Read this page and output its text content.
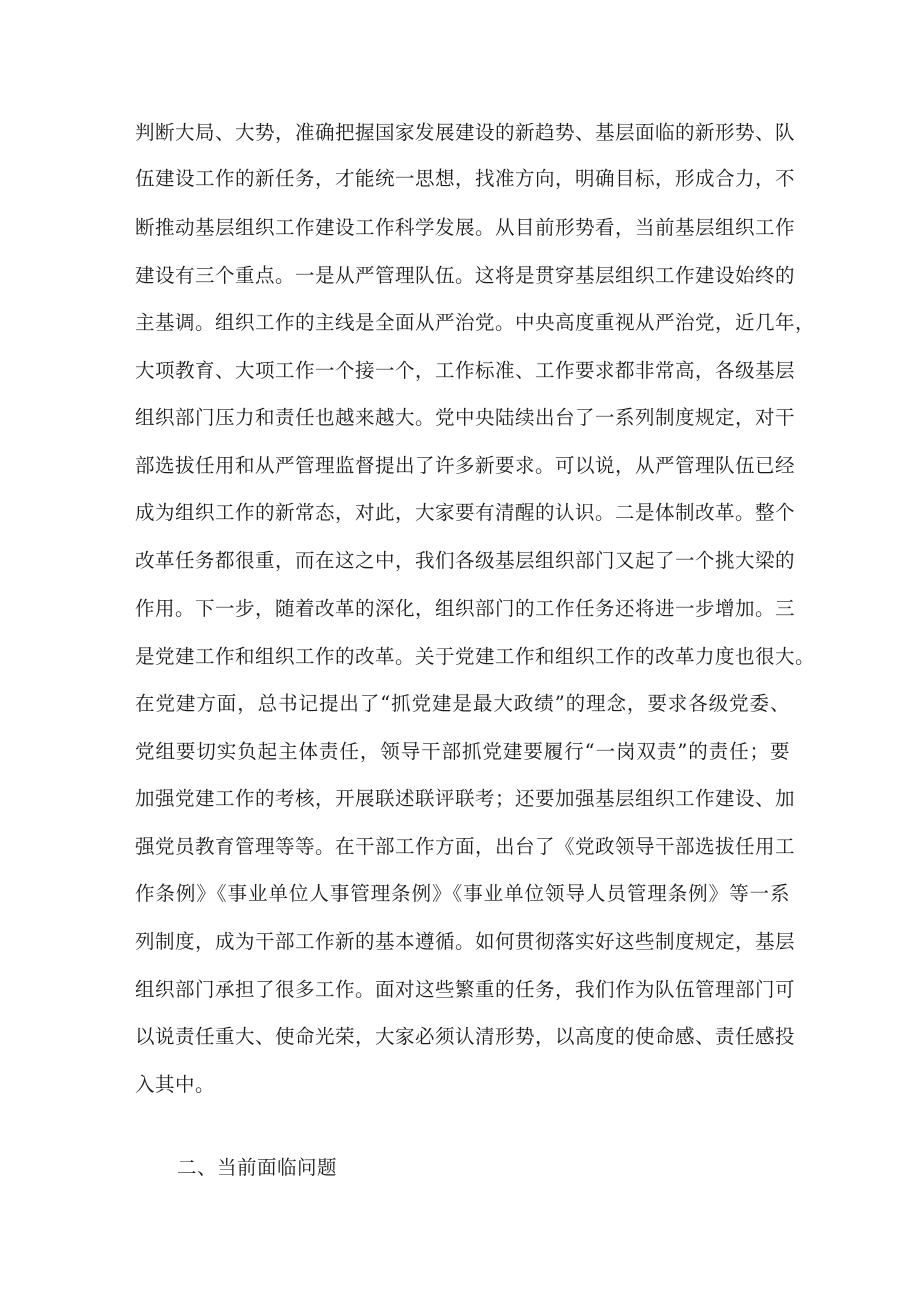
判断大局、大势，准确把握国家发展建设的新趋势、基层面临的新形势、队
伍建设工作的新任务，才能统一思想，找准方向，明确目标，形成合力，不
断推动基层组织工作建设工作科学发展。从目前形势看，当前基层组织工作
建设有三个重点。一是从严管理队伍。这将是贯穿基层组织工作建设始终的
主基调。组织工作的主线是全面从严治党。中央高度重视从严治党，近几年，
大项教育、大项工作一个接一个，工作标准、工作要求都非常高，各级基层
组织部门压力和责任也越来越大。党中央陆续出台了一系列制度规定，对干
部选拔任用和从严管理监督提出了许多新要求。可以说，从严管理队伍已经
成为组织工作的新常态，对此，大家要有清醒的认识。二是体制改革。整个
改革任务都很重，而在这之中，我们各级基层组织部门又起了一个挑大梁的
作用。下一步，随着改革的深化，组织部门的工作任务还将进一步增加。三
是党建工作和组织工作的改革。关于党建工作和组织工作的改革力度也很大。
在党建方面，总书记提出了“抓党建是最大政绩”的理念，要求各级党委、
党组要切实负起主体责任，领导干部抓党建要履行“一岗双责”的责任；要
加强党建工作的考核，开展联述联评联考；还要加强基层组织工作建设、加
强党员教育管理等等。在干部工作方面，出台了《党政领导干部选拔任用工
作条例》《事业单位人事管理条例》《事业单位领导人员管理条例》等一系
列制度，成为干部工作新的基本遵循。如何贯彻落实好这些制度规定，基层
组织部门承担了很多工作。面对这些繁重的任务，我们作为队伍管理部门可
以说责任重大、使命光荣，大家必须认清形势，以高度的使命感、责任感投
入其中。
二、当前面临问题
